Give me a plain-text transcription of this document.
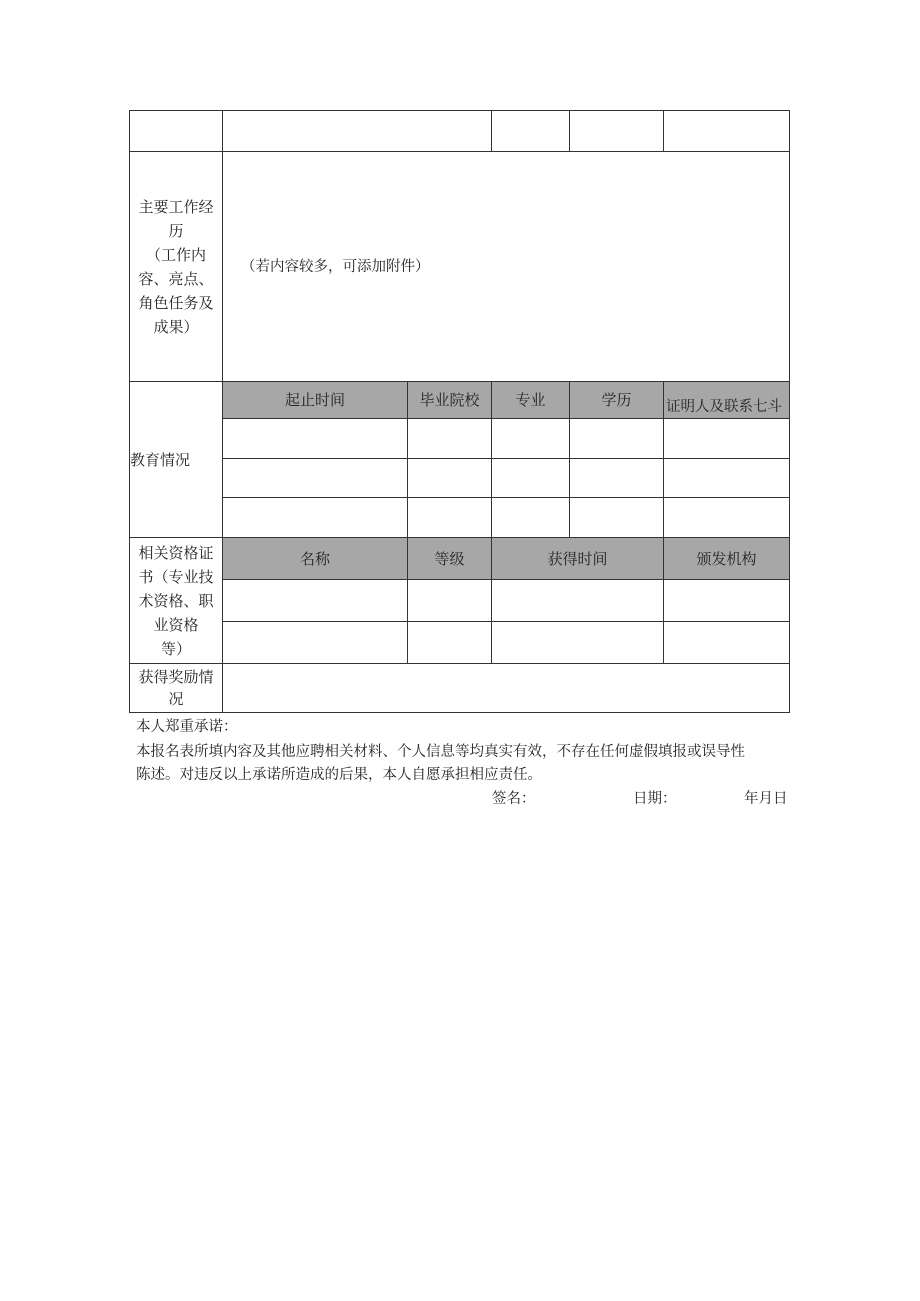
主要工作经
历
（工作内
容、亮点、
角色任务及
成果）
（若内容较多，可添加附件）
教育情况
起止时间	毕业院校	专业	学历	证明人及联系七斗
相关资格证
书（专业技
术资格、职
业资格
等）
名称	等级	获得时间	颁发机构
获得奖励情
况
本人郑重承诺：
本报名表所填内容及其他应聘相关材料、个人信息等均真实有效，不存在任何虚假填报或误导性
陈述。对违反以上承诺所造成的后果，本人自愿承担相应责任。
签名：	日期：	年月日
